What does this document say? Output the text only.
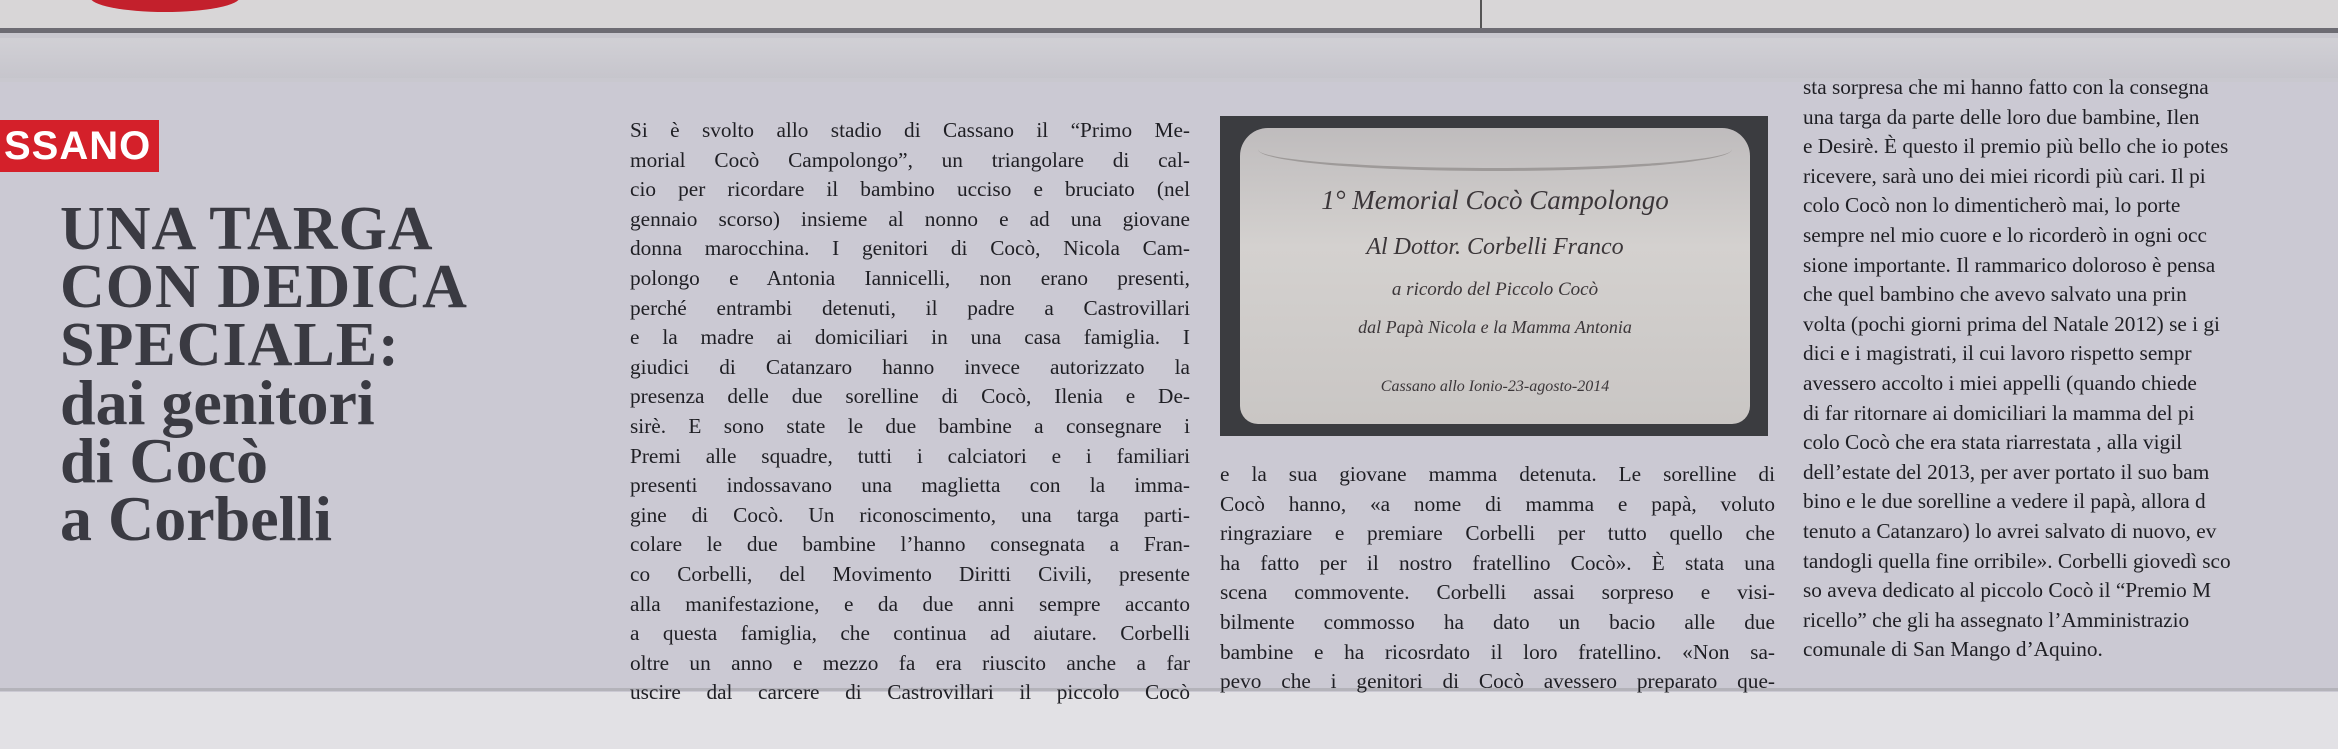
SSANO
UNA TARGA
CON DEDICA
SPECIALE:
dai genitori
di Cocò
a Corbelli
Si è svolto allo stadio di Cassano il “Primo Me-
morial Cocò Campolongo”, un triangolare di cal-
cio per ricordare il bambino ucciso e bruciato (nel
gennaio scorso) insieme al nonno e ad una giovane
donna marocchina. I genitori di Cocò, Nicola Cam-
polongo e Antonia Iannicelli, non erano presenti,
perché entrambi detenuti, il padre a Castrovillari
e la madre ai domiciliari in una casa famiglia. I
giudici di Catanzaro hanno invece autorizzato la
presenza delle due sorelline di Cocò, Ilenia e De-
sirè. E sono state le due bambine a consegnare i
Premi alle squadre, tutti i calciatori e i familiari
presenti indossavano una maglietta con la imma-
gine di Cocò. Un riconoscimento, una targa parti-
colare le due bambine l’hanno consegnata a Fran-
co Corbelli, del Movimento Diritti Civili, presente
alla manifestazione, e da due anni sempre accanto
a questa famiglia, che continua ad aiutare. Corbelli
oltre un anno e mezzo fa era riuscito anche a far
uscire dal carcere di Castrovillari il piccolo Cocò
1° Memorial Cocò Campolongo
Al Dottor. Corbelli Franco
a ricordo del Piccolo Cocò
dal Papà Nicola e la Mamma Antonia
Cassano allo Ionio-23-agosto-2014
e la sua giovane mamma detenuta. Le sorelline di
Cocò hanno, «a nome di mamma e papà, voluto
ringraziare e premiare Corbelli per tutto quello che
ha fatto per il nostro fratellino Cocò». È stata una
scena commovente. Corbelli assai sorpreso e visi-
bilmente commosso ha dato un bacio alle due
bambine e ha ricosrdato il loro fratellino. «Non sa-
pevo che i genitori di Cocò avessero preparato que-
sta sorpresa che mi hanno fatto con la consegna
una targa da parte delle loro due bambine, Ilen
e Desirè. È questo il premio più bello che io potes
ricevere, sarà uno dei miei ricordi più cari. Il pi
colo Cocò non lo dimenticherò mai, lo porte
sempre nel mio cuore e lo ricorderò in ogni occ
sione importante. Il rammarico doloroso è pensa
che quel bambino che avevo salvato una prin
volta (pochi giorni prima del Natale 2012) se i gi
dici e i magistrati, il cui lavoro rispetto sempr
avessero accolto i miei appelli (quando chiede
di far ritornare ai domiciliari la mamma del pi
colo Cocò che era stata riarrestata , alla vigil
dell’estate del 2013, per aver portato il suo bam
bino e le due sorelline a vedere il papà, allora d
tenuto a Catanzaro) lo avrei salvato di nuovo, ev
tandogli quella fine orribile». Corbelli giovedì sco
so aveva dedicato al piccolo Cocò il “Premio M
ricello” che gli ha assegnato l’Amministrazio
comunale di San Mango d’Aquino.
